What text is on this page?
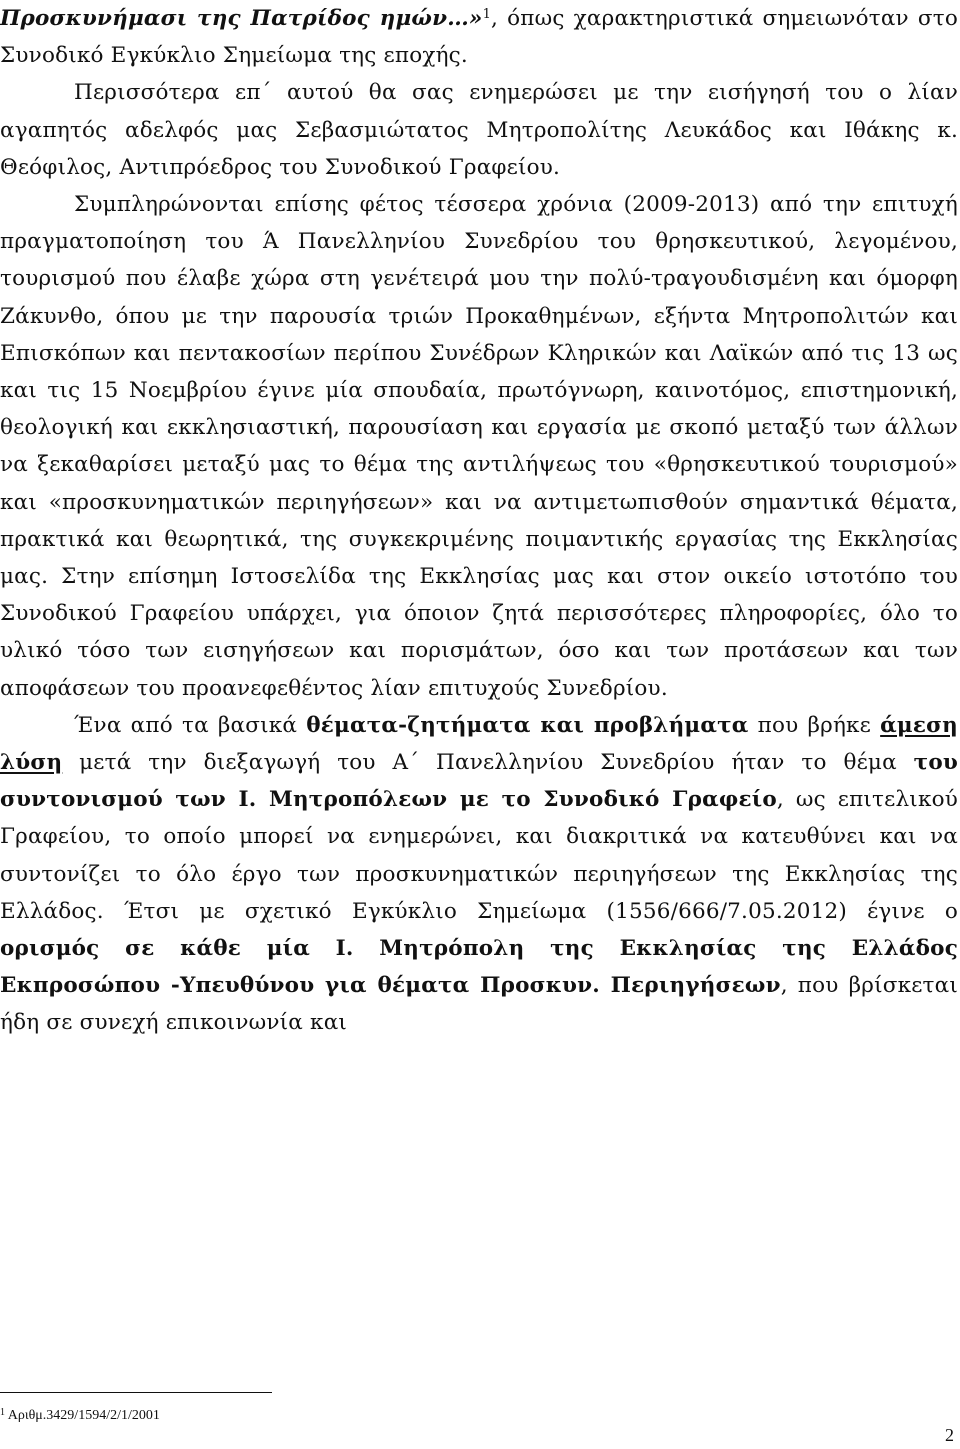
Προσκυνήμασι της Πατρίδος ημών…»$^1$, όπως χαρακτηριστικά σημειωνόταν στο Συνοδικό Εγκύκλιο Σημείωμα της εποχής.

Περισσότερα επ΄ αυτού θα σας ενημερώσει με την εισήγησή του ο λίαν αγαπητός αδελφός μας Σεβασμιώτατος Μητροπολίτης Λευκάδος και Ιθάκης κ. Θεόφιλος, Αντιπρόεδρος του Συνοδικού Γραφείου.

Συμπληρώνονται επίσης φέτος τέσσερα χρόνια (2009-2013) από την επιτυχή πραγματοποίηση του Ά Πανελληνίου Συνεδρίου του θρησκευτικού, λεγομένου, τουρισμού που έλαβε χώρα στη γενέτειρά μου την πολύ-τραγουδισμένη και όμορφη Ζάκυνθο, όπου με την παρουσία τριών Προκαθημένων, εξήντα Μητροπολιτών και Επισκόπων και πεντακοσίων περίπου Συνέδρων Κληρικών και Λαϊκών από τις 13 ως και τις 15 Νοεμβρίου έγινε μία σπουδαία, πρωτόγνωρη, καινοτόμος, επιστημονική, θεολογική και εκκλησιαστική, παρουσίαση και εργασία με σκοπό μεταξύ των άλλων να ξεκαθαρίσει μεταξύ μας το θέμα της αντιλήψεως του «θρησκευτικού τουρισμού» και «προσκυνηματικών περιηγήσεων» και να αντιμετωπισθούν σημαντικά θέματα, πρακτικά και θεωρητικά, της συγκεκριμένης ποιμαντικής εργασίας της Εκκλησίας μας. Στην επίσημη Ιστοσελίδα της Εκκλησίας μας και στον οικείο ιστοτόπο του Συνοδικού Γραφείου υπάρχει, για όποιον ζητά περισσότερες πληροφορίες, όλο το υλικό τόσο των εισηγήσεων και πορισμάτων, όσο και των προτάσεων και των αποφάσεων του προανεφεθέντος λίαν επιτυχούς Συνεδρίου.

Ένα από τα βασικά θέματα-ζητήματα και προβλήματα που βρήκε άμεση λύση μετά την διεξαγωγή του Α΄ Πανελληνίου Συνεδρίου ήταν το θέμα του συντονισμού των Ι. Μητροπόλεων με το Συνοδικό Γραφείο, ως επιτελικού Γραφείου, το οποίο μπορεί να ενημερώνει, και διακριτικά να κατευθύνει και να συντονίζει το όλο έργο των προσκυνηματικών περιηγήσεων της Εκκλησίας της Ελλάδος. Έτσι με σχετικό Εγκύκλιο Σημείωμα (1556/666/7.05.2012) έγινε ο ορισμός σε κάθε μία Ι. Μητρόπολη της Εκκλησίας της Ελλάδος Εκπροσώπου -Υπευθύνου για θέματα Προσκυν. Περιηγήσεων, που βρίσκεται ήδη σε συνεχή επικοινωνία και

$^1$ Αριθμ.3429/1594/2/1/2001
2
